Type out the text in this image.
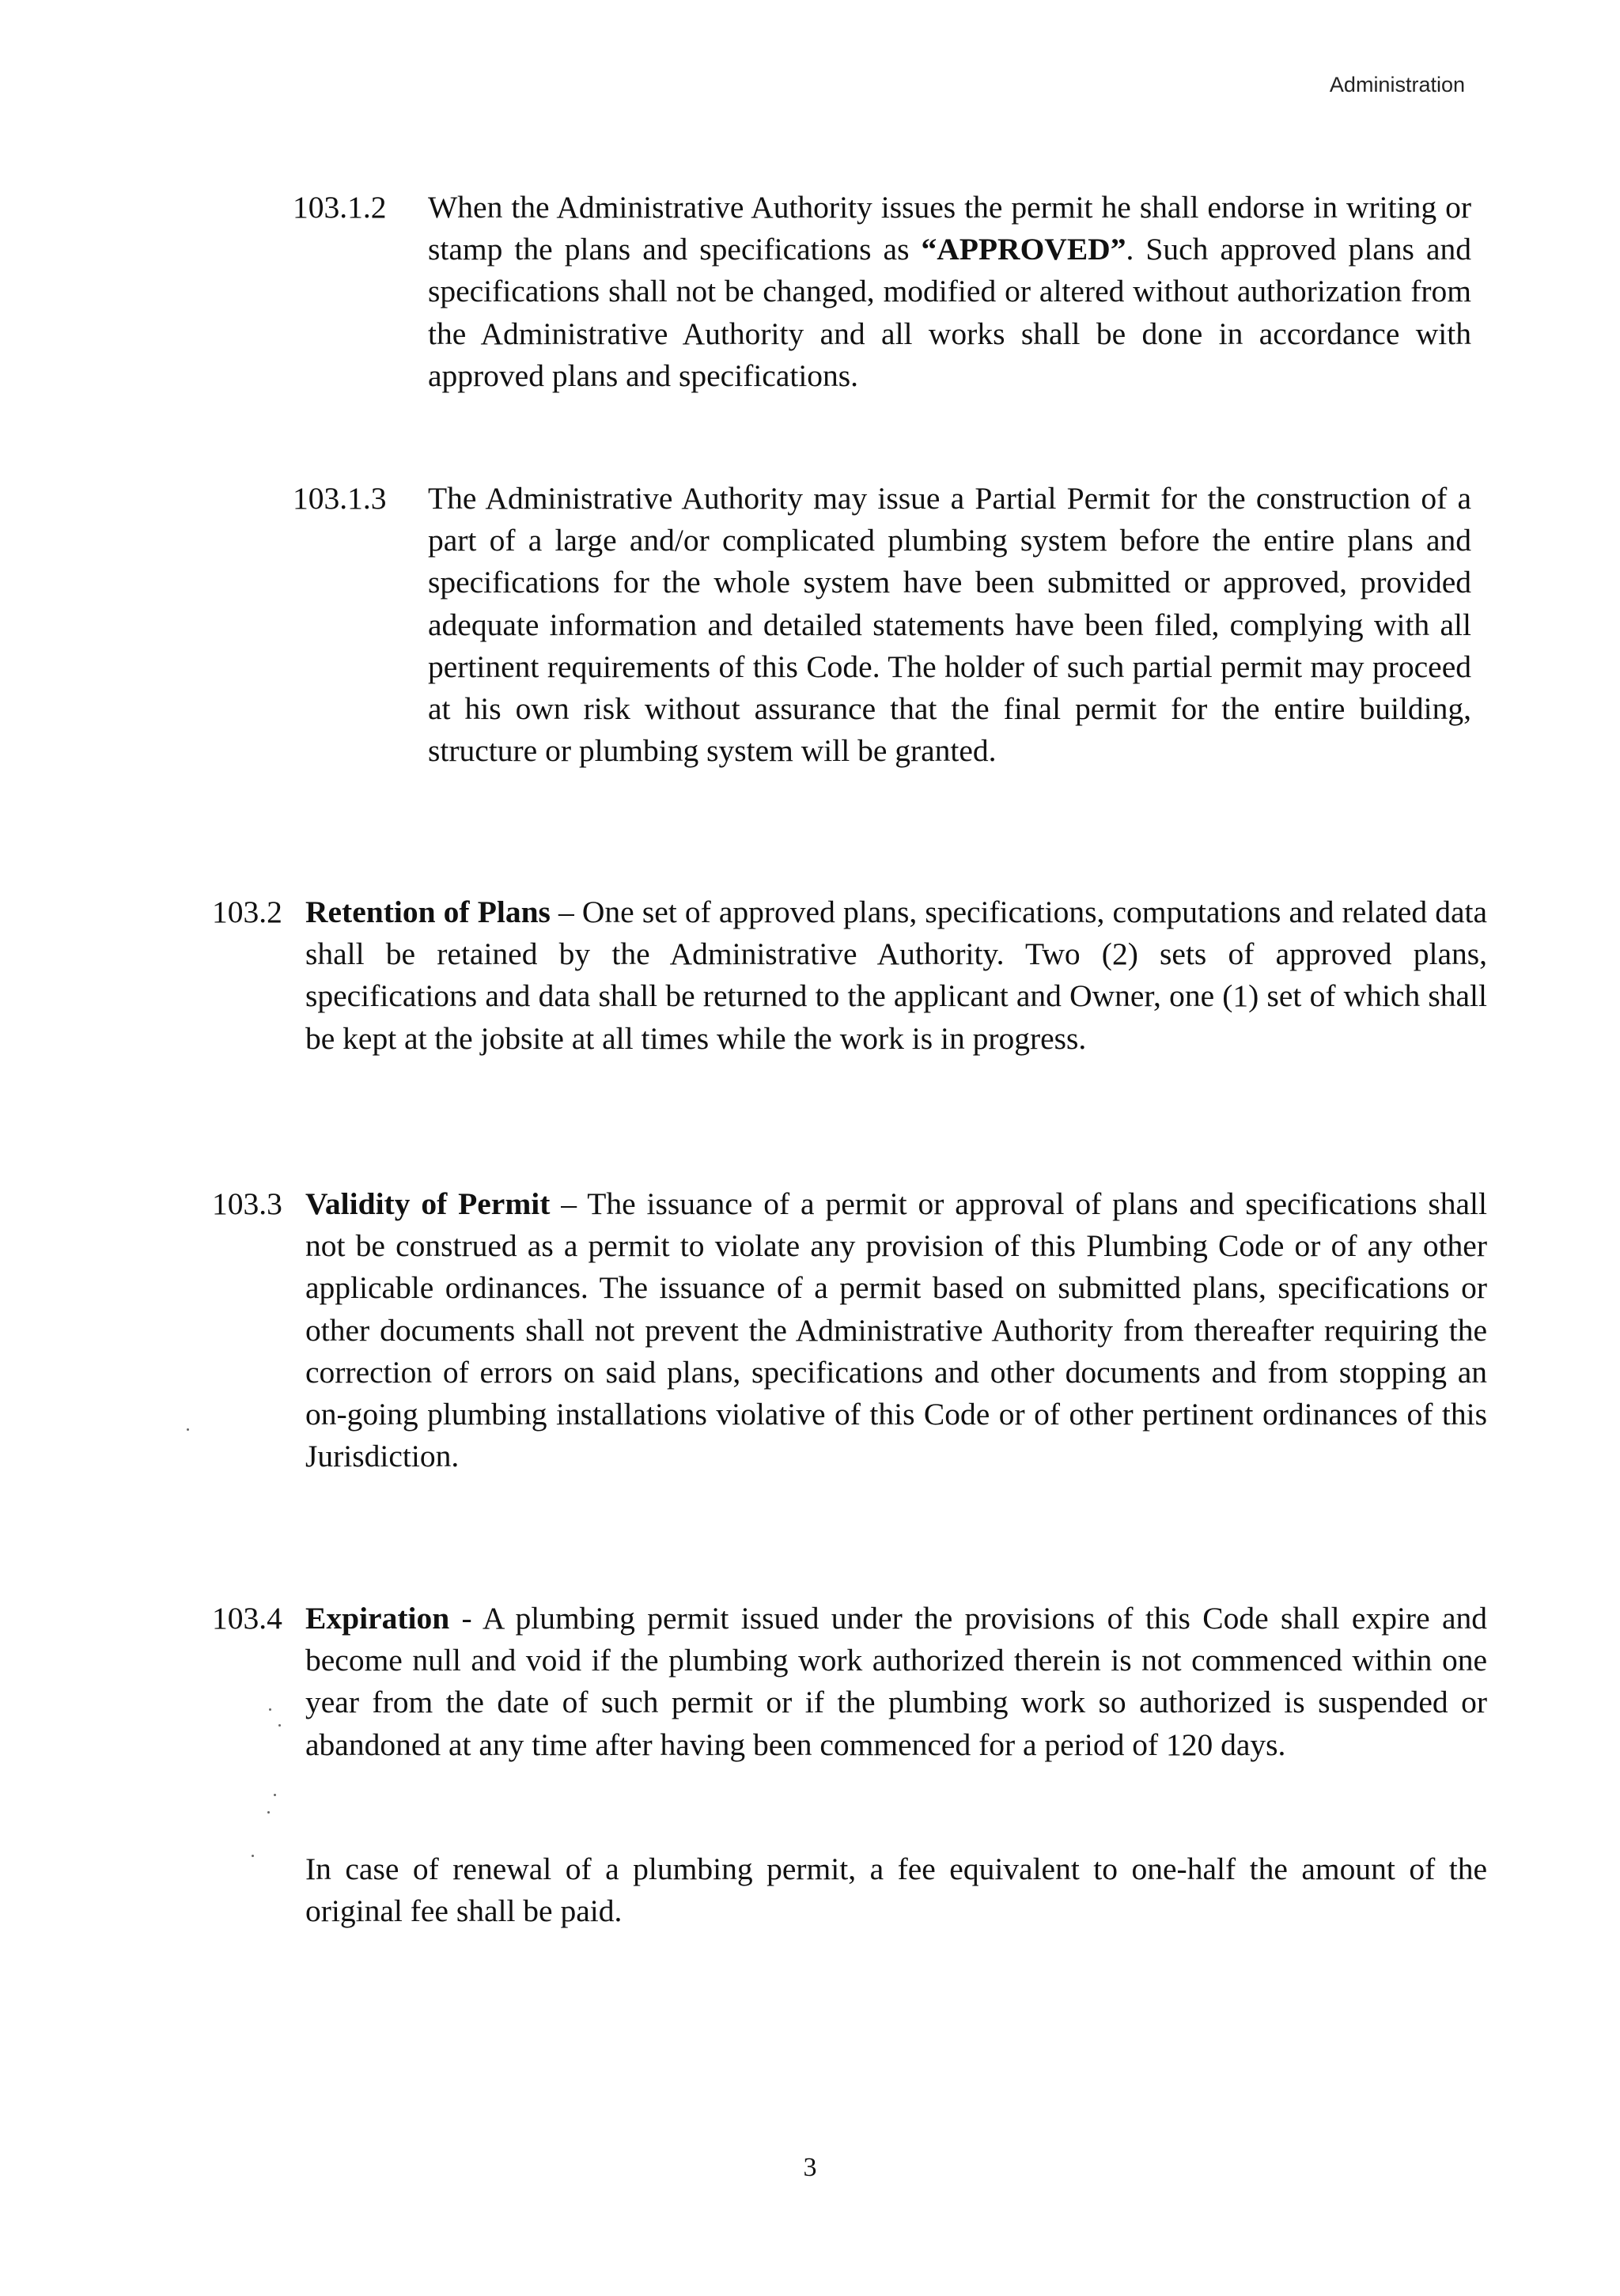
Administration
103.1.2 When the Administrative Authority issues the permit he shall endorse in writing or stamp the plans and specifications as “APPROVED”. Such approved plans and specifications shall not be changed, modified or altered without authorization from the Administrative Authority and all works shall be done in accordance with approved plans and specifications.
103.1.3 The Administrative Authority may issue a Partial Permit for the construction of a part of a large and/or complicated plumbing system before the entire plans and specifications for the whole system have been submitted or approved, provided adequate information and detailed statements have been filed, complying with all pertinent requirements of this Code. The holder of such partial permit may proceed at his own risk without assurance that the final permit for the entire building, structure or plumbing system will be granted.
103.2 Retention of Plans – One set of approved plans, specifications, computations and related data shall be retained by the Administrative Authority. Two (2) sets of approved plans, specifications and data shall be returned to the applicant and Owner, one (1) set of which shall be kept at the jobsite at all times while the work is in progress.
103.3 Validity of Permit – The issuance of a permit or approval of plans and specifications shall not be construed as a permit to violate any provision of this Plumbing Code or of any other applicable ordinances. The issuance of a permit based on submitted plans, specifications or other documents shall not prevent the Administrative Authority from thereafter requiring the correction of errors on said plans, specifications and other documents and from stopping an on-going plumbing installations violative of this Code or of other pertinent ordinances of this Jurisdiction.
103.4 Expiration - A plumbing permit issued under the provisions of this Code shall expire and become null and void if the plumbing work authorized therein is not commenced within one year from the date of such permit or if the plumbing work so authorized is suspended or abandoned at any time after having been commenced for a period of 120 days.
In case of renewal of a plumbing permit, a fee equivalent to one-half the amount of the original fee shall be paid.
3
